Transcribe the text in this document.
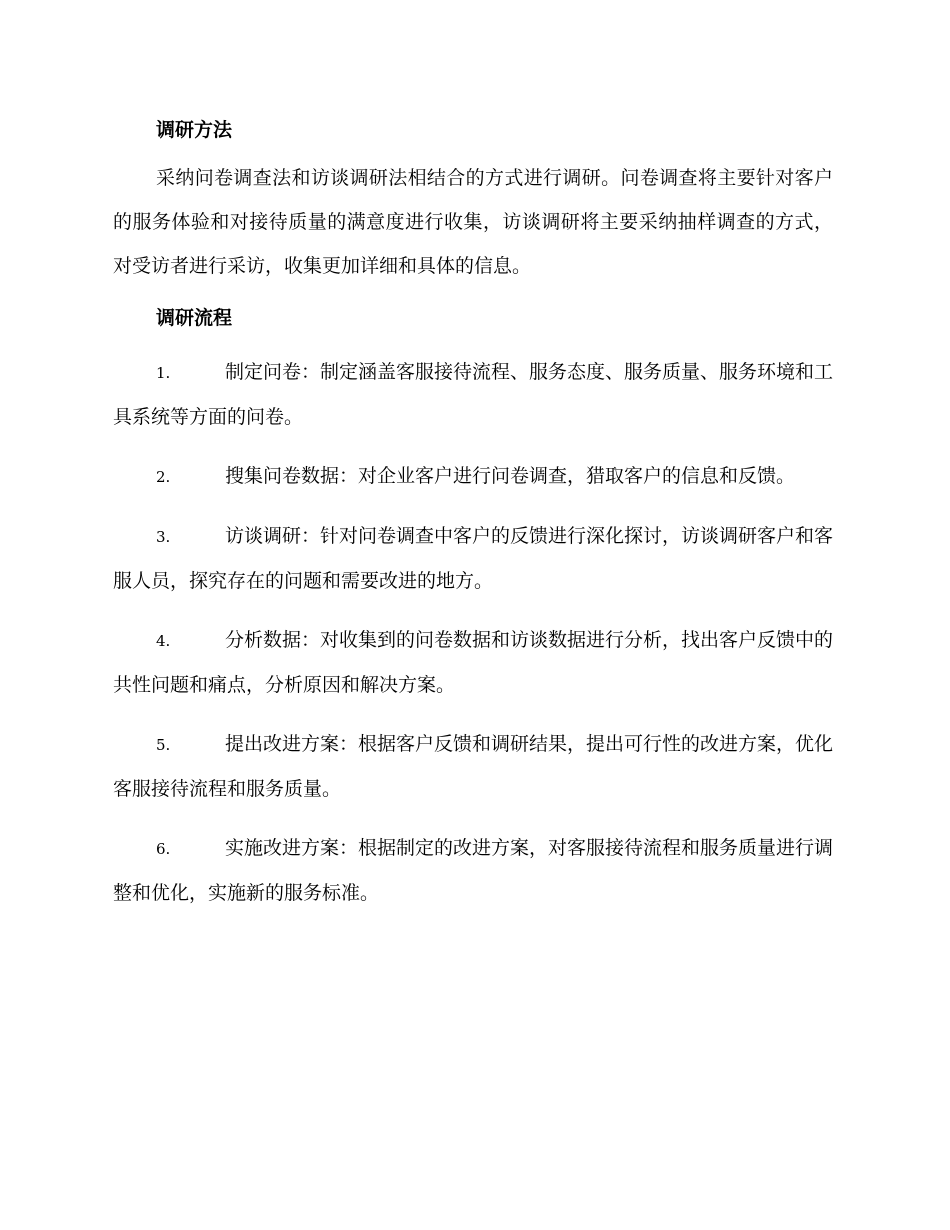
调研方法

采纳问卷调查法和访谈调研法相结合的方式进行调研。问卷调查将主要针对客户的服务体验和对接待质量的满意度进行收集，访谈调研将主要采纳抽样调查的方式，对受访者进行采访，收集更加详细和具体的信息。

调研流程

1.	制定问卷：制定涵盖客服接待流程、服务态度、服务质量、服务环境和工具系统等方面的问卷。

2.	搜集问卷数据：对企业客户进行问卷调查，猎取客户的信息和反馈。

3.	访谈调研：针对问卷调查中客户的反馈进行深化探讨，访谈调研客户和客服人员，探究存在的问题和需要改进的地方。

4.	分析数据：对收集到的问卷数据和访谈数据进行分析，找出客户反馈中的共性问题和痛点，分析原因和解决方案。

5.	提出改进方案：根据客户反馈和调研结果，提出可行性的改进方案，优化客服接待流程和服务质量。

6.	实施改进方案：根据制定的改进方案，对客服接待流程和服务质量进行调整和优化，实施新的服务标准。
